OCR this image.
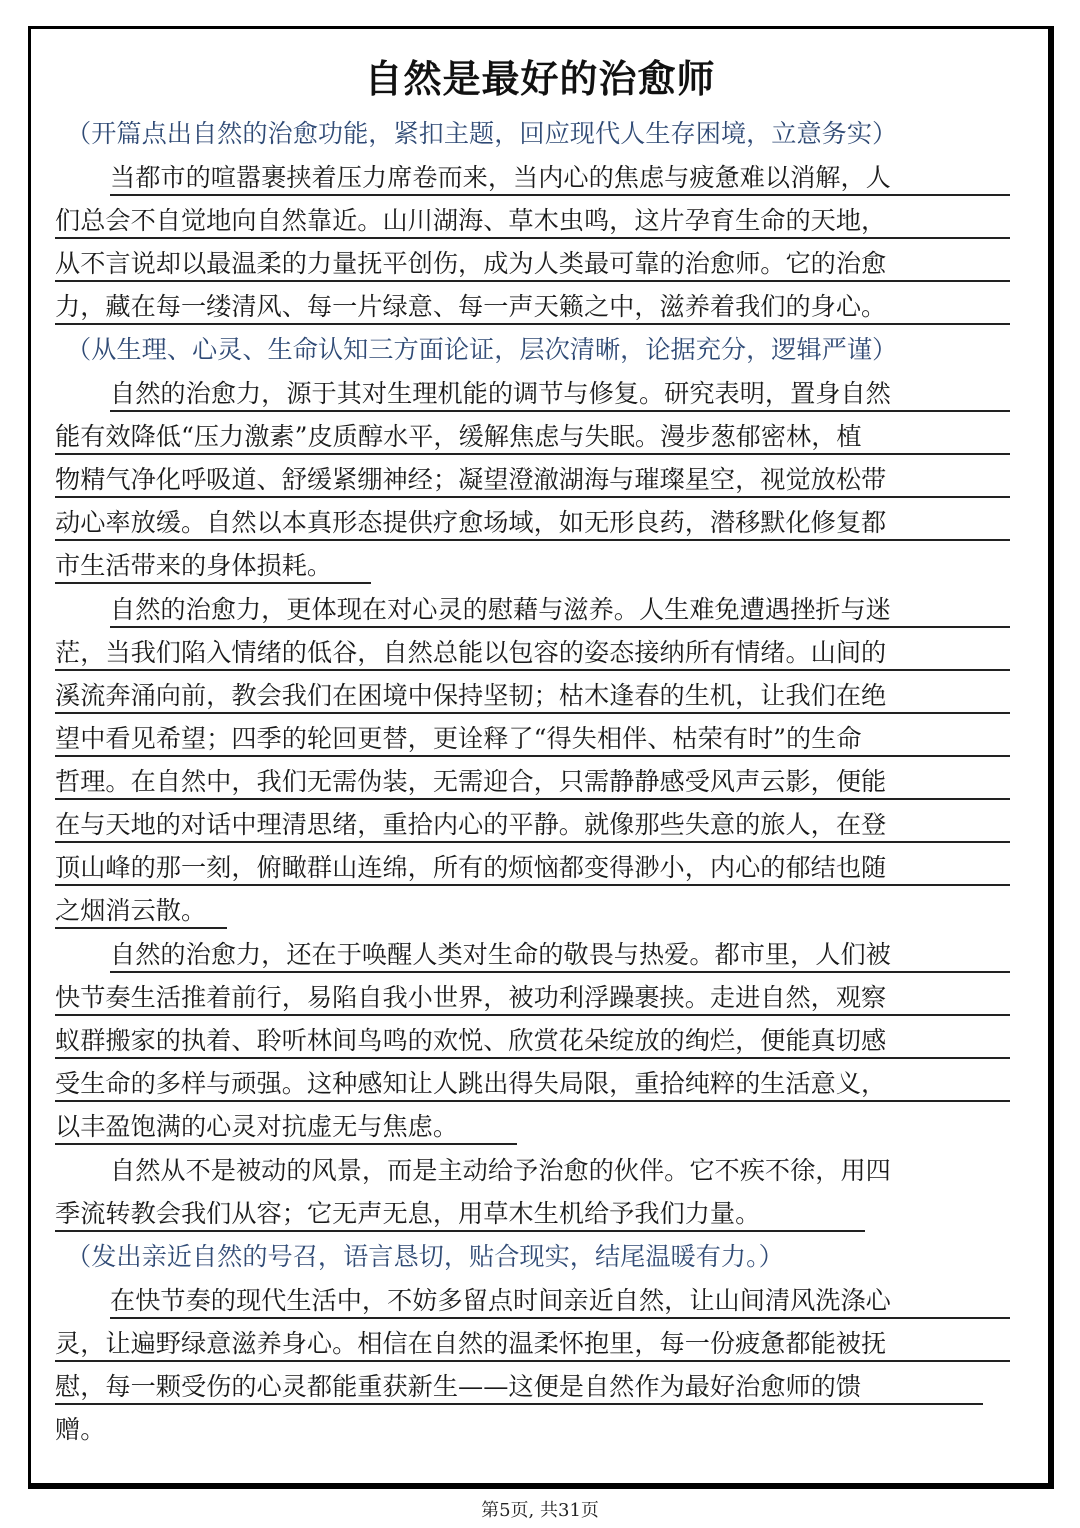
自然是最好的治愈师
（开篇点出自然的治愈功能，紧扣主题，回应现代人生存困境，立意务实）
当都市的喧嚣裹挟着压力席卷而来，当内心的焦虑与疲惫难以消解，人
们总会不自觉地向自然靠近。山川湖海、草木虫鸣，这片孕育生命的天地，
从不言说却以最温柔的力量抚平创伤，成为人类最可靠的治愈师。它的治愈
力，藏在每一缕清风、每一片绿意、每一声天籁之中，滋养着我们的身心。
（从生理、心灵、生命认知三方面论证，层次清晰，论据充分，逻辑严谨）
自然的治愈力，源于其对生理机能的调节与修复。研究表明，置身自然
能有效降低“压力激素”皮质醇水平，缓解焦虑与失眠。漫步葱郁密林，植
物精气净化呼吸道、舒缓紧绷神经；凝望澄澈湖海与璀璨星空，视觉放松带
动心率放缓。自然以本真形态提供疗愈场域，如无形良药，潜移默化修复都
市生活带来的身体损耗。
自然的治愈力，更体现在对心灵的慰藉与滋养。人生难免遭遇挫折与迷
茫，当我们陷入情绪的低谷，自然总能以包容的姿态接纳所有情绪。山间的
溪流奔涌向前，教会我们在困境中保持坚韧；枯木逢春的生机，让我们在绝
望中看见希望；四季的轮回更替，更诠释了“得失相伴、枯荣有时”的生命
哲理。在自然中，我们无需伪装，无需迎合，只需静静感受风声云影，便能
在与天地的对话中理清思绪，重拾内心的平静。就像那些失意的旅人，在登
顶山峰的那一刻，俯瞰群山连绵，所有的烦恼都变得渺小，内心的郁结也随
之烟消云散。
自然的治愈力，还在于唤醒人类对生命的敬畏与热爱。都市里，人们被
快节奏生活推着前行，易陷自我小世界，被功利浮躁裹挟。走进自然，观察
蚁群搬家的执着、聆听林间鸟鸣的欢悦、欣赏花朵绽放的绚烂，便能真切感
受生命的多样与顽强。这种感知让人跳出得失局限，重拾纯粹的生活意义，
以丰盈饱满的心灵对抗虚无与焦虑。
自然从不是被动的风景，而是主动给予治愈的伙伴。它不疾不徐，用四
季流转教会我们从容；它无声无息，用草木生机给予我们力量。
（发出亲近自然的号召，语言恳切，贴合现实，结尾温暖有力。）
在快节奏的现代生活中，不妨多留点时间亲近自然，让山间清风洗涤心
灵，让遍野绿意滋养身心。相信在自然的温柔怀抱里，每一份疲惫都能被抚
慰，每一颗受伤的心灵都能重获新生——这便是自然作为最好治愈师的馈
赠。
第5页, 共31页
